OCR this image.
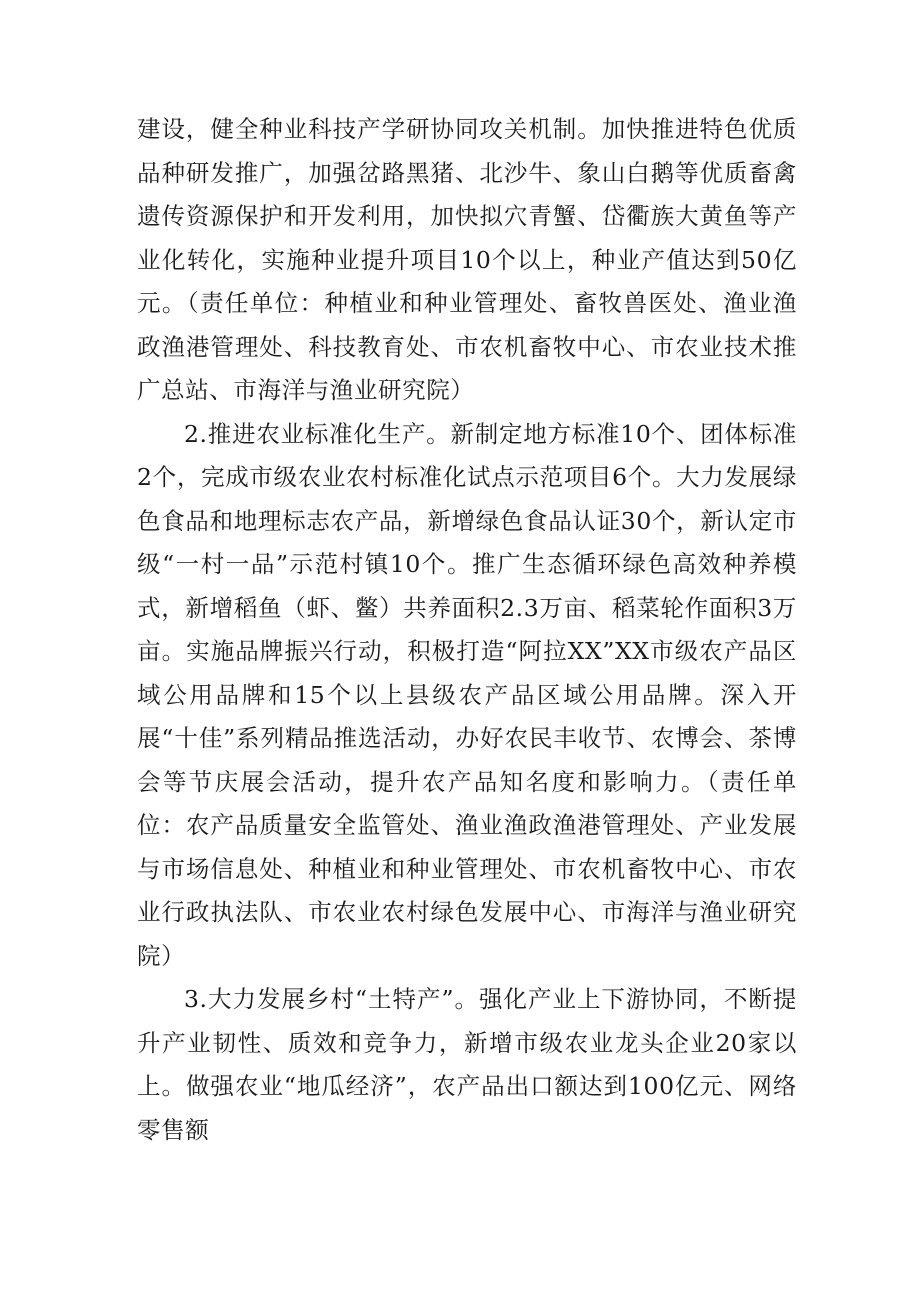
建设，健全种业科技产学研协同攻关机制。加快推进特色优质品种研发推广，加强岔路黑猪、北沙牛、象山白鹅等优质畜禽遗传资源保护和开发利用，加快拟穴青蟹、岱衢族大黄鱼等产业化转化，实施种业提升项目10个以上，种业产值达到50亿元。（责任单位：种植业和种业管理处、畜牧兽医处、渔业渔政渔港管理处、科技教育处、市农机畜牧中心、市农业技术推广总站、市海洋与渔业研究院）

2.推进农业标准化生产。新制定地方标准10个、团体标准2个，完成市级农业农村标准化试点示范项目6个。大力发展绿色食品和地理标志农产品，新增绿色食品认证30个，新认定市级“一村一品”示范村镇10个。推广生态循环绿色高效种养模式，新增稻鱼（虾、鳖）共养面积2.3万亩、稻菜轮作面积3万亩。实施品牌振兴行动，积极打造“阿拉XX”XX市级农产品区域公用品牌和15个以上县级农产品区域公用品牌。深入开展“十佳”系列精品推选活动，办好农民丰收节、农博会、茶博会等节庆展会活动，提升农产品知名度和影响力。（责任单位：农产品质量安全监管处、渔业渔政渔港管理处、产业发展与市场信息处、种植业和种业管理处、市农机畜牧中心、市农业行政执法队、市农业农村绿色发展中心、市海洋与渔业研究院）

3.大力发展乡村“土特产”。强化产业上下游协同，不断提升产业韧性、质效和竞争力，新增市级农业龙头企业20家以上。做强农业“地瓜经济”，农产品出口额达到100亿元、网络零售额
